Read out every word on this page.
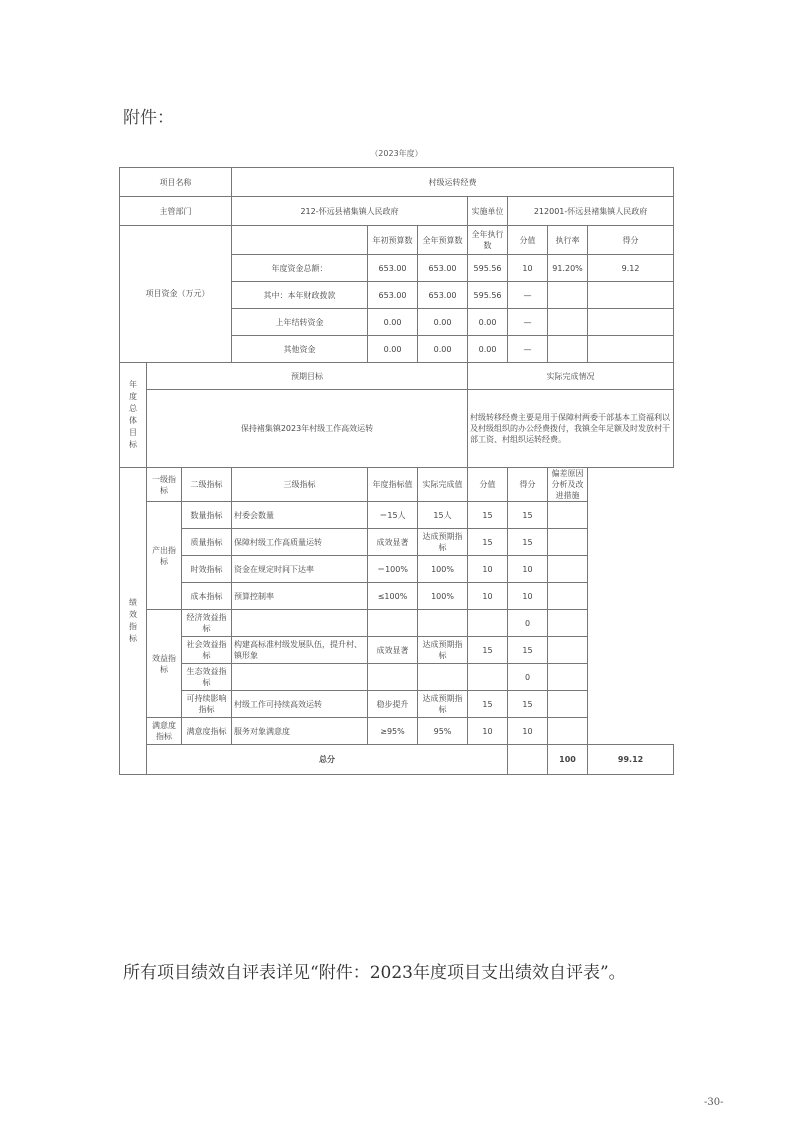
附件：
（2023年度）
项目名称			村级运转经费							
主管部门			212-怀远县褚集镇人民政府			实施单位	212001-怀远县褚集镇人民政府			

项目资金（万元）				年初预算数	全年预算数	全年执行数	分值	执行率	得分	
			年度资金总额：	653.00	653.00	595.56	10	91.20%	9.12	
			其中：本年财政拨款	653.00	653.00	595.56	—			
			上年结转资金	0.00	0.00	0.00	—			
			其他资金	0.00	0.00	0.00	—			

年度总体目标	预期目标					实际完成情况				
	保持褚集镇2023年村级工作高效运转					村级转移经费主要是用于保障村两委干部基本工资福利以及村级组织的办公经费拨付，我镇全年足额及时发放村干部工资、村组织运转经费。				

绩效指标	一级指标	二级指标	三级指标	年度指标值	实际完成值	分值	得分	偏差原因分析及改进措施		
	产出指标	数量指标	村委会数量	＝15人	15人	15	15			
		质量指标	保障村级工作高质量运转	成效显著	达成预期指标	15	15			
		时效指标	资金在规定时间下达率	＝100%	100%	10	10			
		成本指标	预算控制率	≤100%	100%	10	10			
	效益指标	经济效益指标					0			
		社会效益指标	构建高标准村级发展队伍，提升村、镇形象	成效显著	达成预期指标	15	15			
		生态效益指标					0			
		可持续影响指标	村级工作可持续高效运转	稳步提升	达成预期指标	15	15			
	满意度指标	满意度指标	服务对象满意度	≥95%	95%	10	10			
	总分							100	99.12	
所有项目绩效自评表详见“附件：2023年度项目支出绩效自评表”。
-30-
